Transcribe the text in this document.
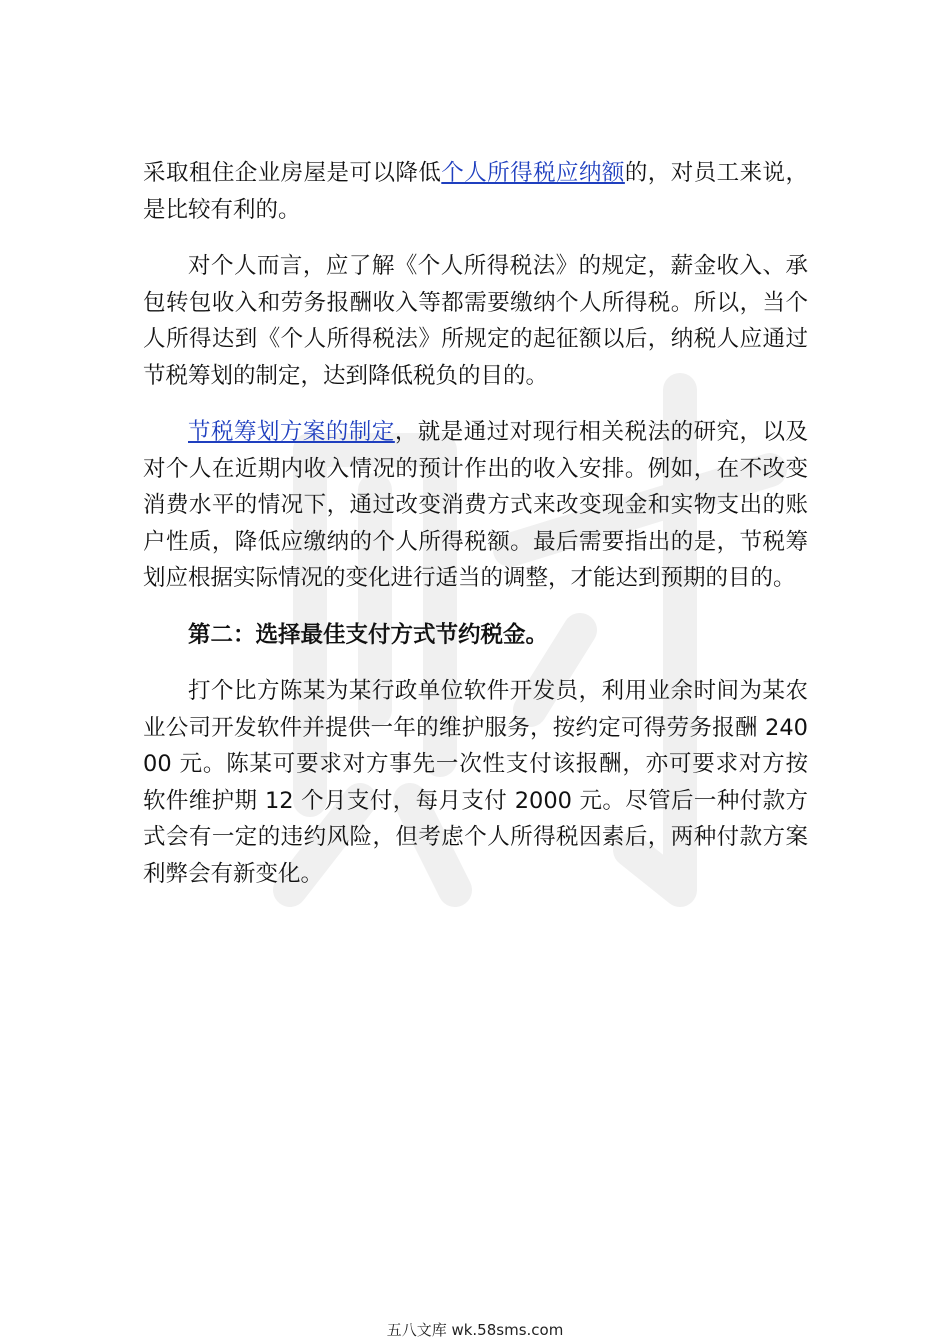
采取租住企业房屋是可以降低个人所得税应纳额的，对员工来说，是比较有利的。

对个人而言，应了解《个人所得税法》的规定，薪金收入、承包转包收入和劳务报酬收入等都需要缴纳个人所得税。所以，当个人所得达到《个人所得税法》所规定的起征额以后，纳税人应通过节税筹划的制定，达到降低税负的目的。

节税筹划方案的制定，就是通过对现行相关税法的研究，以及对个人在近期内收入情况的预计作出的收入安排。例如，在不改变消费水平的情况下，通过改变消费方式来改变现金和实物支出的账户性质，降低应缴纳的个人所得税额。最后需要指出的是，节税筹划应根据实际情况的变化进行适当的调整，才能达到预期的目的。

第二：选择最佳支付方式节约税金。

打个比方陈某为某行政单位软件开发员，利用业余时间为某农业公司开发软件并提供一年的维护服务，按约定可得劳务报酬 24000 元。陈某可要求对方事先一次性支付该报酬，亦可要求对方按软件维护期 12 个月支付，每月支付 2000 元。尽管后一种付款方式会有一定的违约风险，但考虑个人所得税因素后，两种付款方案利弊会有新变化。

五八文库 wk.58sms.com
